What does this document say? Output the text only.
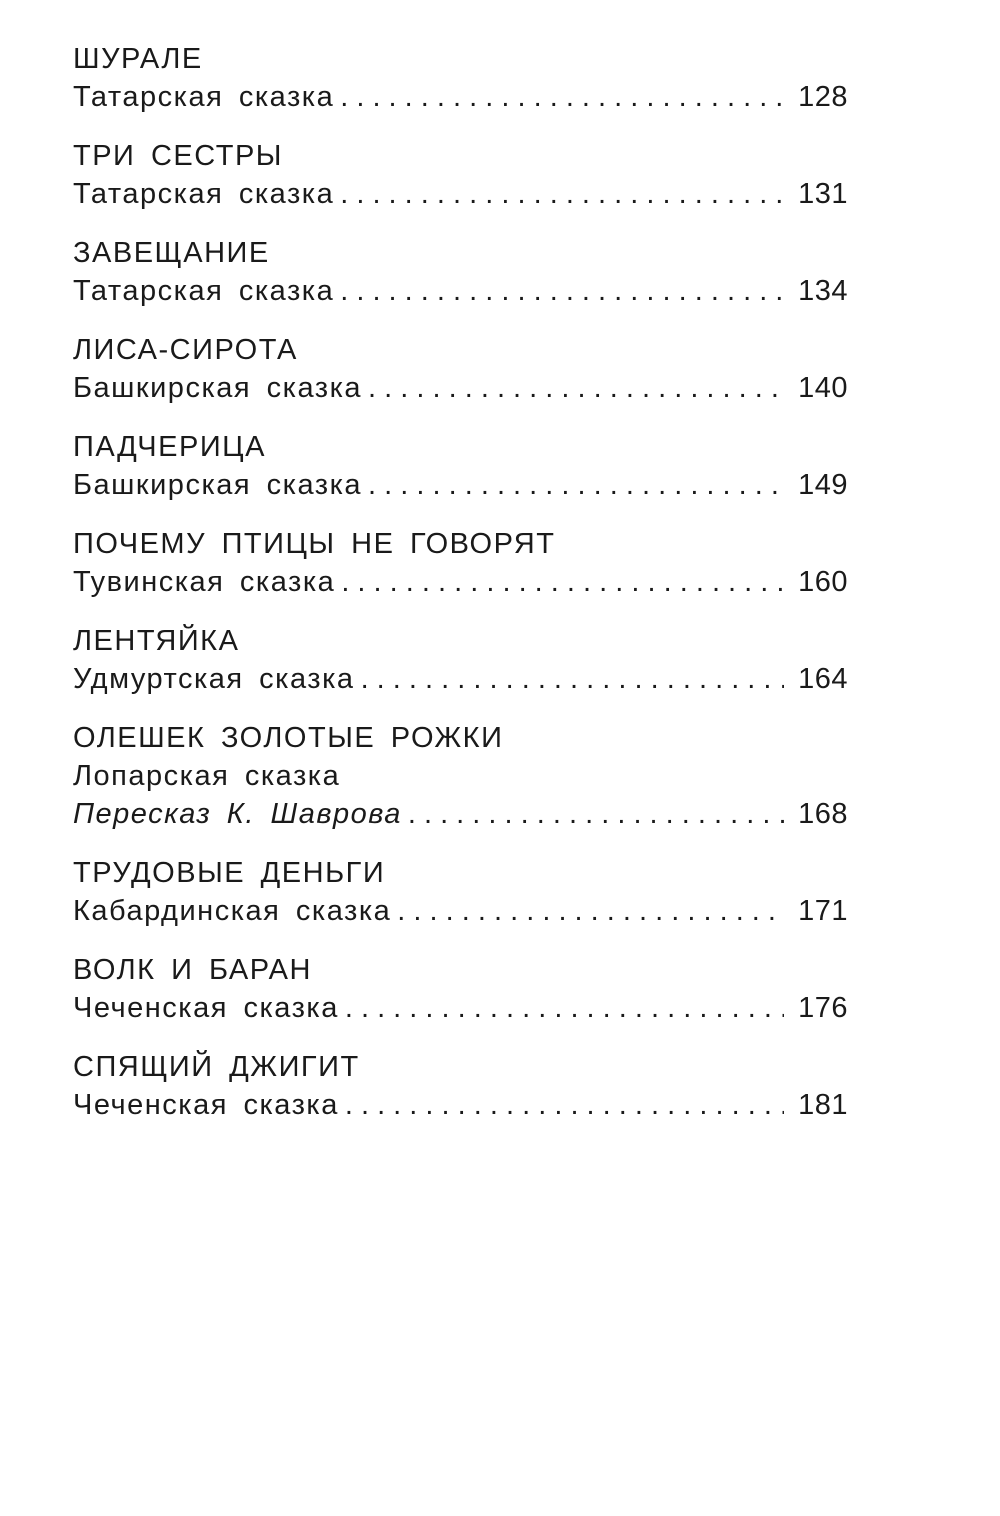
ШУРАЛЕ
Татарская сказка . . .	128
ТРИ СЕСТРЫ
Татарская сказка . . .	131
ЗАВЕЩАНИЕ
Татарская сказка . . .	134
ЛИСА-СИРОТА
Башкирская сказка . . .	140
ПАДЧЕРИЦА
Башкирская сказка . . .	149
ПОЧЕМУ ПТИЦЫ НЕ ГОВОРЯТ
Тувинская сказка . . .	160
ЛЕНТЯЙКА
Удмуртская сказка . . .	164
ОЛЕШЕК ЗОЛОТЫЕ РОЖКИ
Лопарская сказка
Пересказ К. Шаврова . . .	168
ТРУДОВЫЕ ДЕНЬГИ
Кабардинская сказка . . .	171
ВОЛК И БАРАН
Чеченская сказка . . .	176
СПЯЩИЙ ДЖИГИТ
Чеченская сказка . . .	181
